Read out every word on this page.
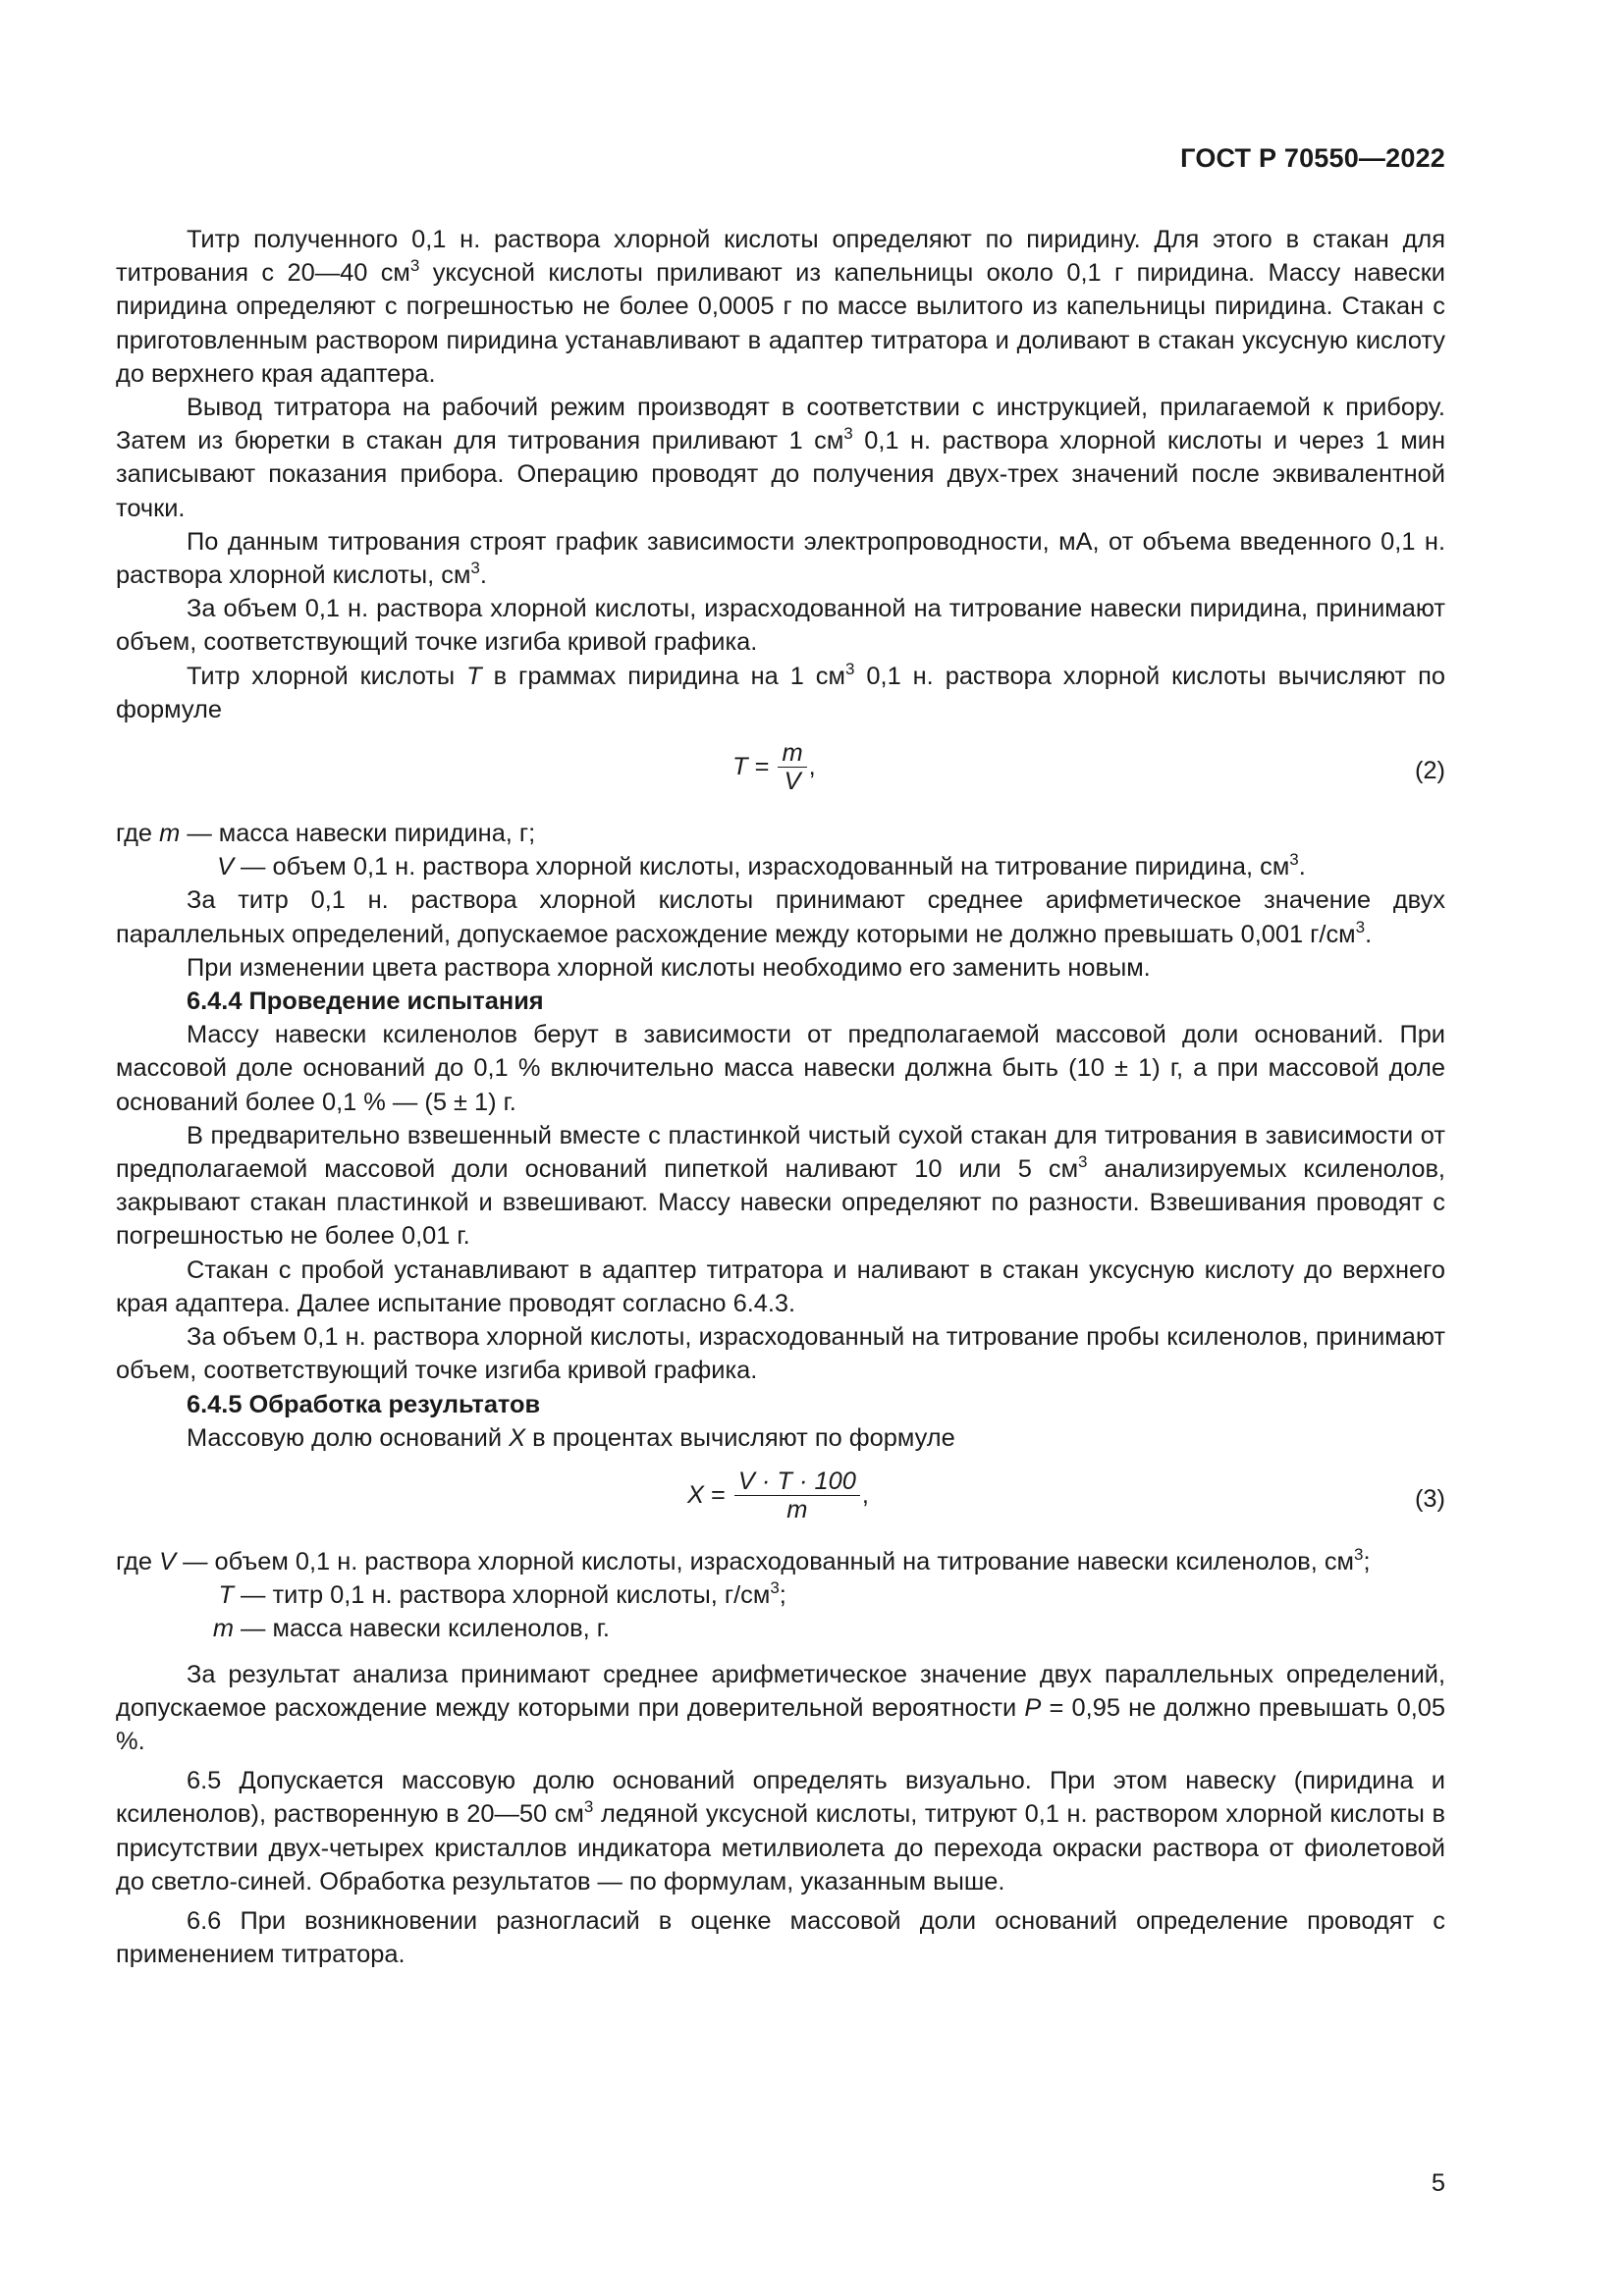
ГОСТ Р 70550—2022

Титр полученного 0,1 н. раствора хлорной кислоты определяют по пиридину. Для этого в стакан для титрования с 20—40 $см^3$ уксусной кислоты приливают из капельницы около 0,1 г пиридина. Массу навески пиридина определяют с погрешностью не более 0,0005 г по массе вылитого из капельницы пиридина. Стакан с приготовленным раствором пиридина устанавливают в адаптер титратора и доливают в стакан уксусную кислоту до верхнего края адаптера.

Вывод титратора на рабочий режим производят в соответствии с инструкцией, прилагаемой к прибору. Затем из бюретки в стакан для титрования приливают 1 $см^3$ 0,1 н. раствора хлорной кислоты и через 1 мин записывают показания прибора. Операцию проводят до получения двух-трех значений после эквивалентной точки.

По данным титрования строят график зависимости электропроводности, мА, от объема введенного 0,1 н. раствора хлорной кислоты, $см^3$.

За объем 0,1 н. раствора хлорной кислоты, израсходованной на титрование навески пиридина, принимают объем, соответствующий точке изгиба кривой графика.

Титр хлорной кислоты T в граммах пиридина на 1 $см^3$ 0,1 н. раствора хлорной кислоты вычисляют по формуле

$T = \frac{m}{V}$ ,	(2)

где m — масса навески пиридина, г;

V — объем 0,1 н. раствора хлорной кислоты, израсходованный на титрование пиридина, $см^3$.

За титр 0,1 н. раствора хлорной кислоты принимают среднее арифметическое значение двух параллельных определений, допускаемое расхождение между которыми не должно превышать 0,001 $г/см^3$.

При изменении цвета раствора хлорной кислоты необходимо его заменить новым.

6.4.4 Проведение испытания

Массу навески ксиленолов берут в зависимости от предполагаемой массовой доли оснований. При массовой доле оснований до 0,1 % включительно масса навески должна быть (10 ± 1) г, а при массовой доле оснований более 0,1 % — (5 ± 1) г.

В предварительно взвешенный вместе с пластинкой чистый сухой стакан для титрования в зависимости от предполагаемой массовой доли оснований пипеткой наливают 10 или 5 $см^3$ анализируемых ксиленолов, закрывают стакан пластинкой и взвешивают. Массу навески определяют по разности. Взвешивания проводят с погрешностью не более 0,01 г.

Стакан с пробой устанавливают в адаптер титратора и наливают в стакан уксусную кислоту до верхнего края адаптера. Далее испытание проводят согласно 6.4.3.

За объем 0,1 н. раствора хлорной кислоты, израсходованный на титрование пробы ксиленолов, принимают объем, соответствующий точке изгиба кривой графика.

6.4.5 Обработка результатов

Массовую долю оснований X в процентах вычисляют по формуле

$X = \frac{V \cdot T \cdot 100}{m}$ ,	(3)

где V — объем 0,1 н. раствора хлорной кислоты, израсходованный на титрование навески ксиленолов, $см^3$;

T — титр 0,1 н. раствора хлорной кислоты, $г/см^3$;

m — масса навески ксиленолов, г.

За результат анализа принимают среднее арифметическое значение двух параллельных определений, допускаемое расхождение между которыми при доверительной вероятности P = 0,95 не должно превышать 0,05 %.

6.5 Допускается массовую долю оснований определять визуально. При этом навеску (пиридина и ксиленолов), растворенную в 20—50 $см^3$ ледяной уксусной кислоты, титруют 0,1 н. раствором хлорной кислоты в присутствии двух-четырех кристаллов индикатора метилвиолета до перехода окраски раствора от фиолетовой до светло-синей. Обработка результатов — по формулам, указанным выше.

6.6 При возникновении разногласий в оценке массовой доли оснований определение проводят с применением титратора.

5
